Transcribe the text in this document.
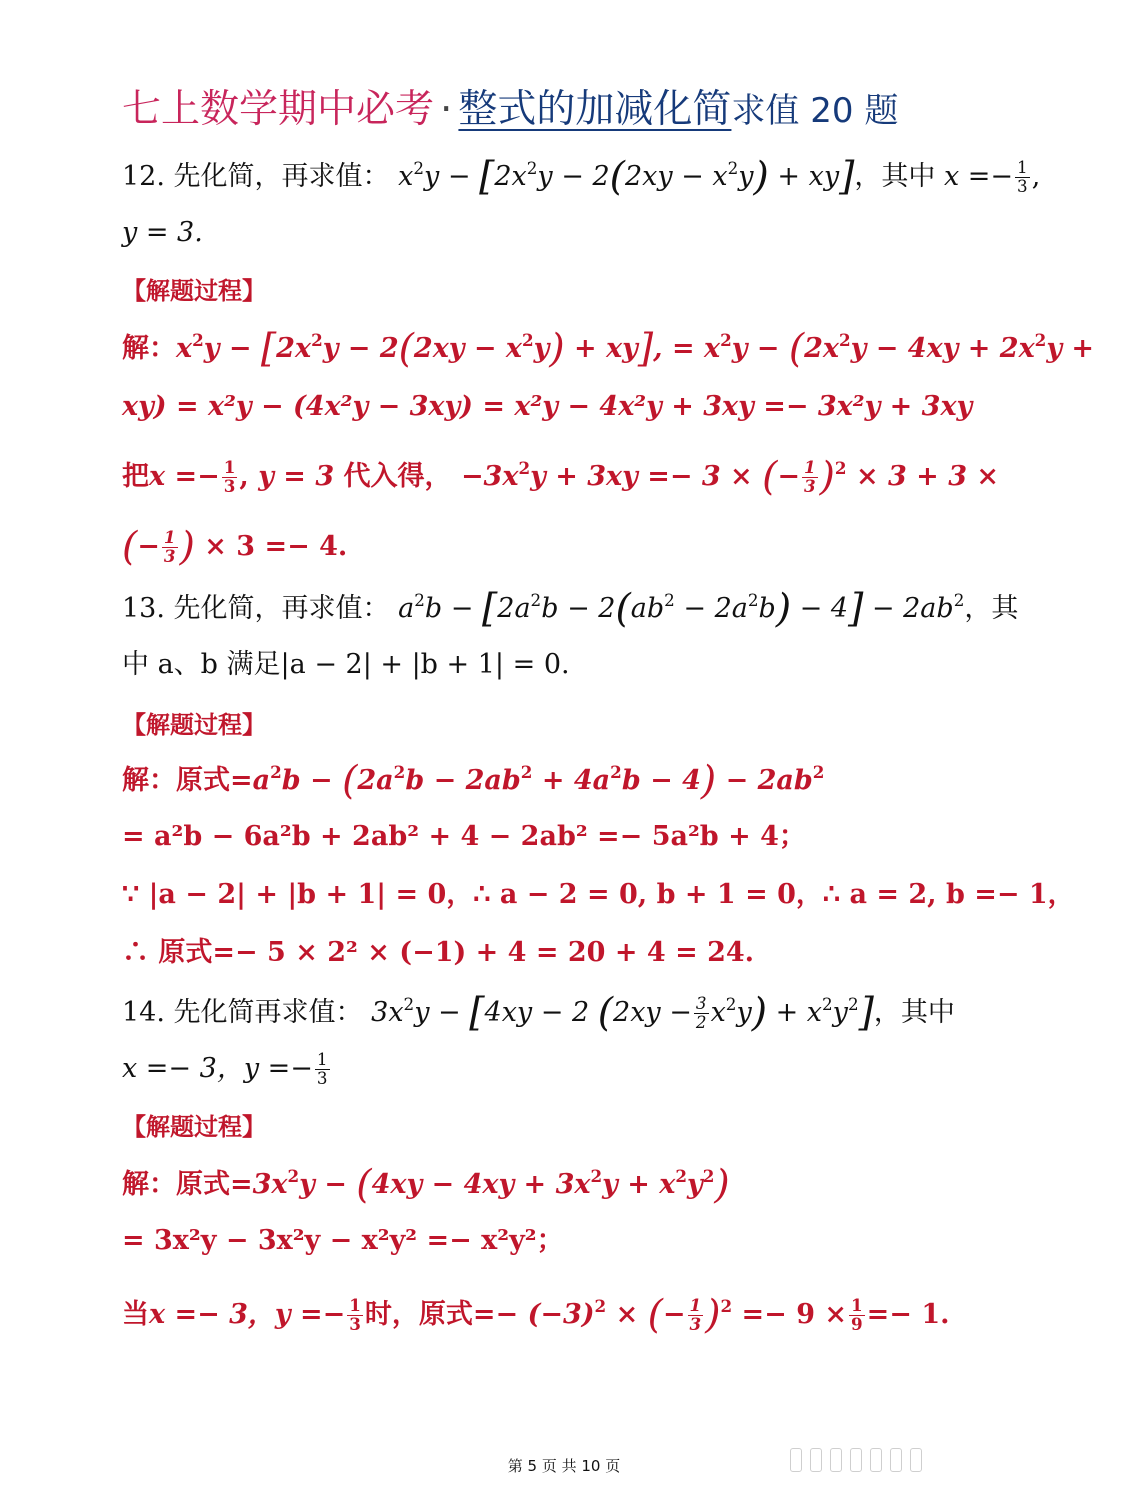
七上数学期中必考 · 整式的加减化简求值 20 题
12. 先化简，再求值： $x^2y - [2x^2y - 2(2xy - x^2y) + xy]$，其中 $x =- \frac{1}{3}$ ,
y = 3.
【解题过程】
解：$x^2y - [2x^2y - 2(2xy - x^2y) + xy]$, = $x^2y - (2x^2y - 4xy + 2x^2y$ +
xy) = x²y − (4x²y − 3xy) = x²y − 4x²y + 3xy =− 3x²y + 3xy
把$x =- \frac{1}{3}$ , y = 3 代入得， $-3x^2y + 3xy =- 3$ × (− $\frac{1}{3} )^2 \times 3 + 3$ ×
(− $\frac{1}{3}$ ) × 3 =− 4.
13. 先化简，再求值： $a^2b - [2a^2b - 2(ab^2 - 2a^2b) - 4] - 2ab^2$，其
中 a、b 满足|a − 2| + |b + 1| = 0.
【解题过程】
解：原式$=a^2b - (2a^2b - 2ab^2 + 4a^2b - 4) - 2ab^2$
= a²b − 6a²b + 2ab² + 4 − 2ab² =− 5a²b + 4；
∵ |a − 2| + |b + 1| = 0，∴ a − 2 = 0, b + 1 = 0，∴ a = 2, b =− 1，
∴ 原式=− 5 × 2² × (−1) + 4 = 20 + 4 = 24.
14. 先化简再求值： $3x^2y - [4xy - 2$ $(2xy - \frac{3}{2} x^2y) + x^2y^2$]，其中
x =− 3，$y =- \frac{1}{3}$
【解题过程】
解：原式$=3x^2y - (4xy - 4xy + 3x^2y + x^2y^2)$
= 3x²y − 3x²y − x²y² =− x²y²；
当x =− 3，$y =- \frac{1}{3}$ 时，原式=− $(-3)^2$ × (− $\frac{1}{3} )^2 =- 9 \times \frac{1}{9} =- 1$.
第 5 页 共 10 页
